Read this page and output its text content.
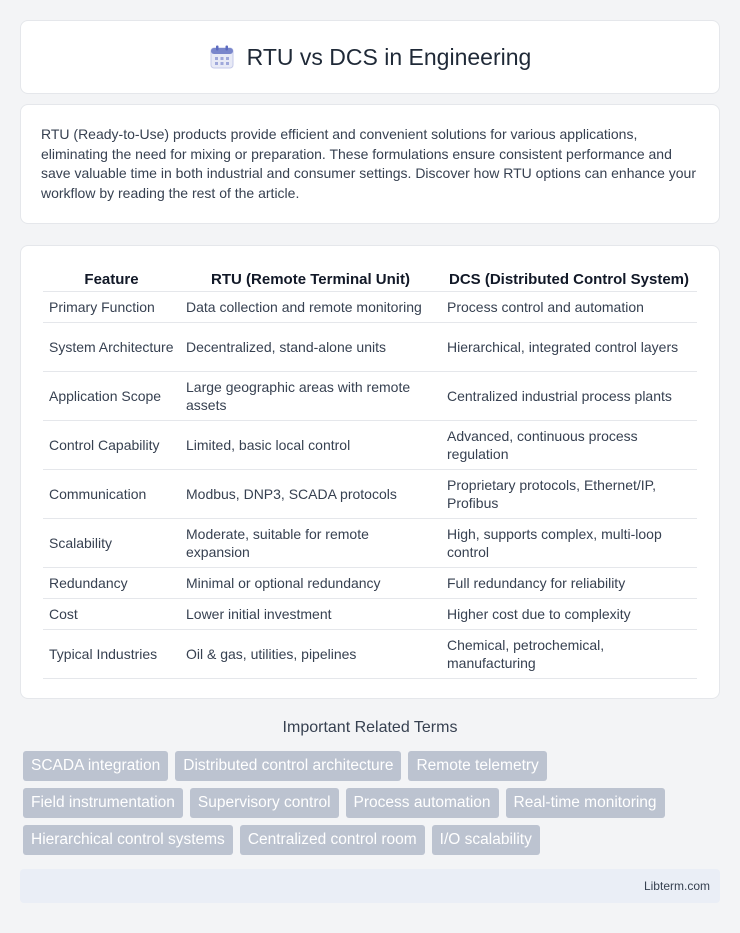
RTU vs DCS in Engineering

RTU (Ready-to-Use) products provide efficient and convenient solutions for various applications, eliminating the need for mixing or preparation. These formulations ensure consistent performance and save valuable time in both industrial and consumer settings. Discover how RTU options can enhance your workflow by reading the rest of the article.

Feature	RTU (Remote Terminal Unit)	DCS (Distributed Control System)
Primary Function	Data collection and remote monitoring	Process control and automation
System Architecture	Decentralized, stand-alone units	Hierarchical, integrated control layers
Application Scope	Large geographic areas with remote assets	Centralized industrial process plants
Control Capability	Limited, basic local control	Advanced, continuous process regulation
Communication	Modbus, DNP3, SCADA protocols	Proprietary protocols, Ethernet/IP, Profibus
Scalability	Moderate, suitable for remote expansion	High, supports complex, multi-loop control
Redundancy	Minimal or optional redundancy	Full redundancy for reliability
Cost	Lower initial investment	Higher cost due to complexity
Typical Industries	Oil & gas, utilities, pipelines	Chemical, petrochemical, manufacturing
Important Related Terms
SCADA integration	Distributed control architecture	Remote telemetry
Field instrumentation	Supervisory control	Process automation	Real-time monitoring
Hierarchical control systems	Centralized control room	I/O scalability
Libterm.com
